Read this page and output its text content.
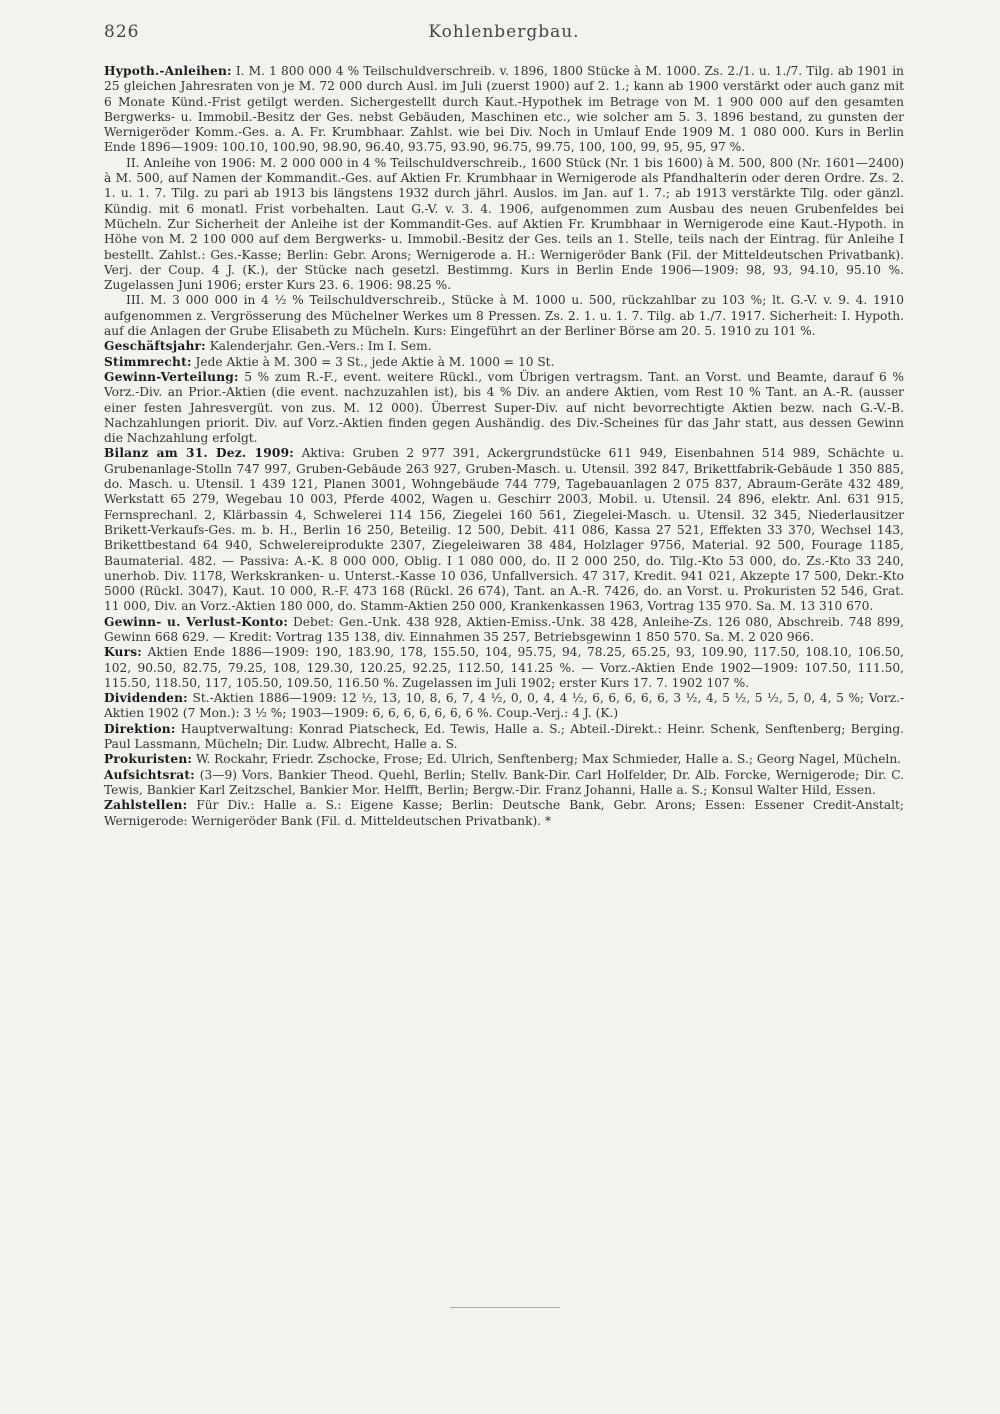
826	Kohlenbergbau.

Hypoth.-Anleihen: I. M. 1 800 000 4 % Teilschuldverschreib. v. 1896, 1800 Stücke à M. 1000. Zs. 2./1. u. 1./7. Tilg. ab 1901 in 25 gleichen Jahresraten von je M. 72 000 durch Ausl. im Juli (zuerst 1900) auf 2. 1.; kann ab 1900 verstärkt oder auch ganz mit 6 Monate Künd.-Frist getilgt werden. Sichergestellt durch Kaut.-Hypothek im Betrage von M. 1 900 000 auf den gesamten Bergwerks- u. Immobil.-Besitz der Ges. nebst Gebäuden, Maschinen etc., wie solcher am 5. 3. 1896 bestand, zu gunsten der Wernigeröder Komm.-Ges. a. A. Fr. Krumbhaar. Zahlst. wie bei Div. Noch in Umlauf Ende 1909 M. 1 080 000. Kurs in Berlin Ende 1896—1909: 100.10, 100.90, 98.90, 96.40, 93.75, 93.90, 96.75, 99.75, 100, 100, 99, 95, 95, 97 %.

II. Anleihe von 1906: M. 2 000 000 in 4 % Teilschuldverschreib., 1600 Stück (Nr. 1 bis 1600) à M. 500, 800 (Nr. 1601—2400) à M. 500, auf Namen der Kommandit.-Ges. auf Aktien Fr. Krumbhaar in Wernigerode als Pfandhalterin oder deren Ordre. Zs. 2. 1. u. 1. 7. Tilg. zu pari ab 1913 bis längstens 1932 durch jährl. Auslos. im Jan. auf 1. 7.; ab 1913 verstärkte Tilg. oder gänzl. Kündig. mit 6 monatl. Frist vorbehalten. Laut G.-V. v. 3. 4. 1906, aufgenommen zum Ausbau des neuen Grubenfeldes bei Mücheln. Zur Sicherheit der Anleihe ist der Kommandit-Ges. auf Aktien Fr. Krumbhaar in Wernigerode eine Kaut.-Hypoth. in Höhe von M. 2 100 000 auf dem Bergwerks- u. Immobil.-Besitz der Ges. teils an 1. Stelle, teils nach der Eintrag. für Anleihe I bestellt. Zahlst.: Ges.-Kasse; Berlin: Gebr. Arons; Wernigerode a. H.: Wernigeröder Bank (Fil. der Mitteldeutschen Privatbank). Verj. der Coup. 4 J. (K.), der Stücke nach gesetzl. Bestimmg. Kurs in Berlin Ende 1906—1909: 98, 93, 94.10, 95.10 %. Zugelassen Juni 1906; erster Kurs 23. 6. 1906: 98.25 %.

III. M. 3 000 000 in 4 ½ % Teilschuldverschreib., Stücke à M. 1000 u. 500, rückzahlbar zu 103 %; lt. G.-V. v. 9. 4. 1910 aufgenommen z. Vergrösserung des Müchelner Werkes um 8 Pressen. Zs. 2. 1. u. 1. 7. Tilg. ab 1./7. 1917. Sicherheit: I. Hypoth. auf die Anlagen der Grube Elisabeth zu Mücheln. Kurs: Eingeführt an der Berliner Börse am 20. 5. 1910 zu 101 %.

Geschäftsjahr: Kalenderjahr. Gen.-Vers.: Im I. Sem.

Stimmrecht: Jede Aktie à M. 300 = 3 St., jede Aktie à M. 1000 = 10 St.

Gewinn-Verteilung: 5 % zum R.-F., event. weitere Rückl., vom Übrigen vertragsm. Tant. an Vorst. und Beamte, darauf 6 % Vorz.-Div. an Prior.-Aktien (die event. nachzuzahlen ist), bis 4 % Div. an andere Aktien, vom Rest 10 % Tant. an A.-R. (ausser einer festen Jahresvergüt. von zus. M. 12 000). Überrest Super-Div. auf nicht bevorrechtigte Aktien bezw. nach G.-V.-B. Nachzahlungen priorit. Div. auf Vorz.-Aktien finden gegen Aushändig. des Div.-Scheines für das Jahr statt, aus dessen Gewinn die Nachzahlung erfolgt.

Bilanz am 31. Dez. 1909: Aktiva: Gruben 2 977 391, Ackergrundstücke 611 949, Eisenbahnen 514 989, Schächte u. Grubenanlage-Stolln 747 997, Gruben-Gebäude 263 927, Gruben-Masch. u. Utensil. 392 847, Brikettfabrik-Gebäude 1 350 885, do. Masch. u. Utensil. 1 439 121, Planen 3001, Wohngebäude 744 779, Tagebauanlagen 2 075 837, Abraum-Geräte 432 489, Werkstatt 65 279, Wegebau 10 003, Pferde 4002, Wagen u. Geschirr 2003, Mobil. u. Utensil. 24 896, elektr. Anl. 631 915, Fernsprechanl. 2, Klärbassin 4, Schwelerei 114 156, Ziegelei 160 561, Ziegelei-Masch. u. Utensil. 32 345, Niederlausitzer Brikett-Verkaufs-Ges. m. b. H., Berlin 16 250, Beteilig. 12 500, Debit. 411 086, Kassa 27 521, Effekten 33 370, Wechsel 143, Brikettbestand 64 940, Schwelereiprodukte 2307, Ziegeleiwaren 38 484, Holzlager 9756, Material. 92 500, Fourage 1185, Baumaterial. 482. — Passiva: A.-K. 8 000 000, Oblig. I 1 080 000, do. II 2 000 250, do. Tilg.-Kto 53 000, do. Zs.-Kto 33 240, unerhob. Div. 1178, Werkskranken- u. Unterst.-Kasse 10 036, Unfallversich. 47 317, Kredit. 941 021, Akzepte 17 500, Dekr.-Kto 5000 (Rückl. 3047), Kaut. 10 000, R.-F. 473 168 (Rückl. 26 674), Tant. an A.-R. 7426, do. an Vorst. u. Prokuristen 52 546, Grat. 11 000, Div. an Vorz.-Aktien 180 000, do. Stamm-Aktien 250 000, Krankenkassen 1963, Vortrag 135 970. Sa. M. 13 310 670.

Gewinn- u. Verlust-Konto: Debet: Gen.-Unk. 438 928, Aktien-Emiss.-Unk. 38 428, Anleihe-Zs. 126 080, Abschreib. 748 899, Gewinn 668 629. — Kredit: Vortrag 135 138, div. Einnahmen 35 257, Betriebsgewinn 1 850 570. Sa. M. 2 020 966.

Kurs: Aktien Ende 1886—1909: 190, 183.90, 178, 155.50, 104, 95.75, 94, 78.25, 65.25, 93, 109.90, 117.50, 108.10, 106.50, 102, 90.50, 82.75, 79.25, 108, 129.30, 120.25, 92.25, 112.50, 141.25 %. — Vorz.-Aktien Ende 1902—1909: 107.50, 111.50, 115.50, 118.50, 117, 105.50, 109.50, 116.50 %. Zugelassen im Juli 1902; erster Kurs 17. 7. 1902 107 %.

Dividenden: St.-Aktien 1886—1909: 12 ½, 13, 10, 8, 6, 7, 4 ½, 0, 0, 4, 4 ½, 6, 6, 6, 6, 6, 3 ½, 4, 5 ½, 5 ½, 5, 0, 4, 5 %; Vorz.-Aktien 1902 (7 Mon.): 3 ½ %; 1903—1909: 6, 6, 6, 6, 6, 6, 6 %. Coup.-Verj.: 4 J. (K.)

Direktion: Hauptverwaltung: Konrad Piatscheck, Ed. Tewis, Halle a. S.; Abteil.-Direkt.: Heinr. Schenk, Senftenberg; Berging. Paul Lassmann, Mücheln; Dir. Ludw. Albrecht, Halle a. S.

Prokuristen: W. Rockahr, Friedr. Zschocke, Frose; Ed. Ulrich, Senftenberg; Max Schmieder, Halle a. S.; Georg Nagel, Mücheln.

Aufsichtsrat: (3—9) Vors. Bankier Theod. Quehl, Berlin; Stellv. Bank-Dir. Carl Holfelder, Dr. Alb. Forcke, Wernigerode; Dir. C. Tewis, Bankier Karl Zeitzschel, Bankier Mor. Helfft, Berlin; Bergw.-Dir. Franz Johanni, Halle a. S.; Konsul Walter Hild, Essen.

Zahlstellen: Für Div.: Halle a. S.: Eigene Kasse; Berlin: Deutsche Bank, Gebr. Arons; Essen: Essener Credit-Anstalt; Wernigerode: Wernigeröder Bank (Fil. d. Mitteldeutschen Privatbank). *
